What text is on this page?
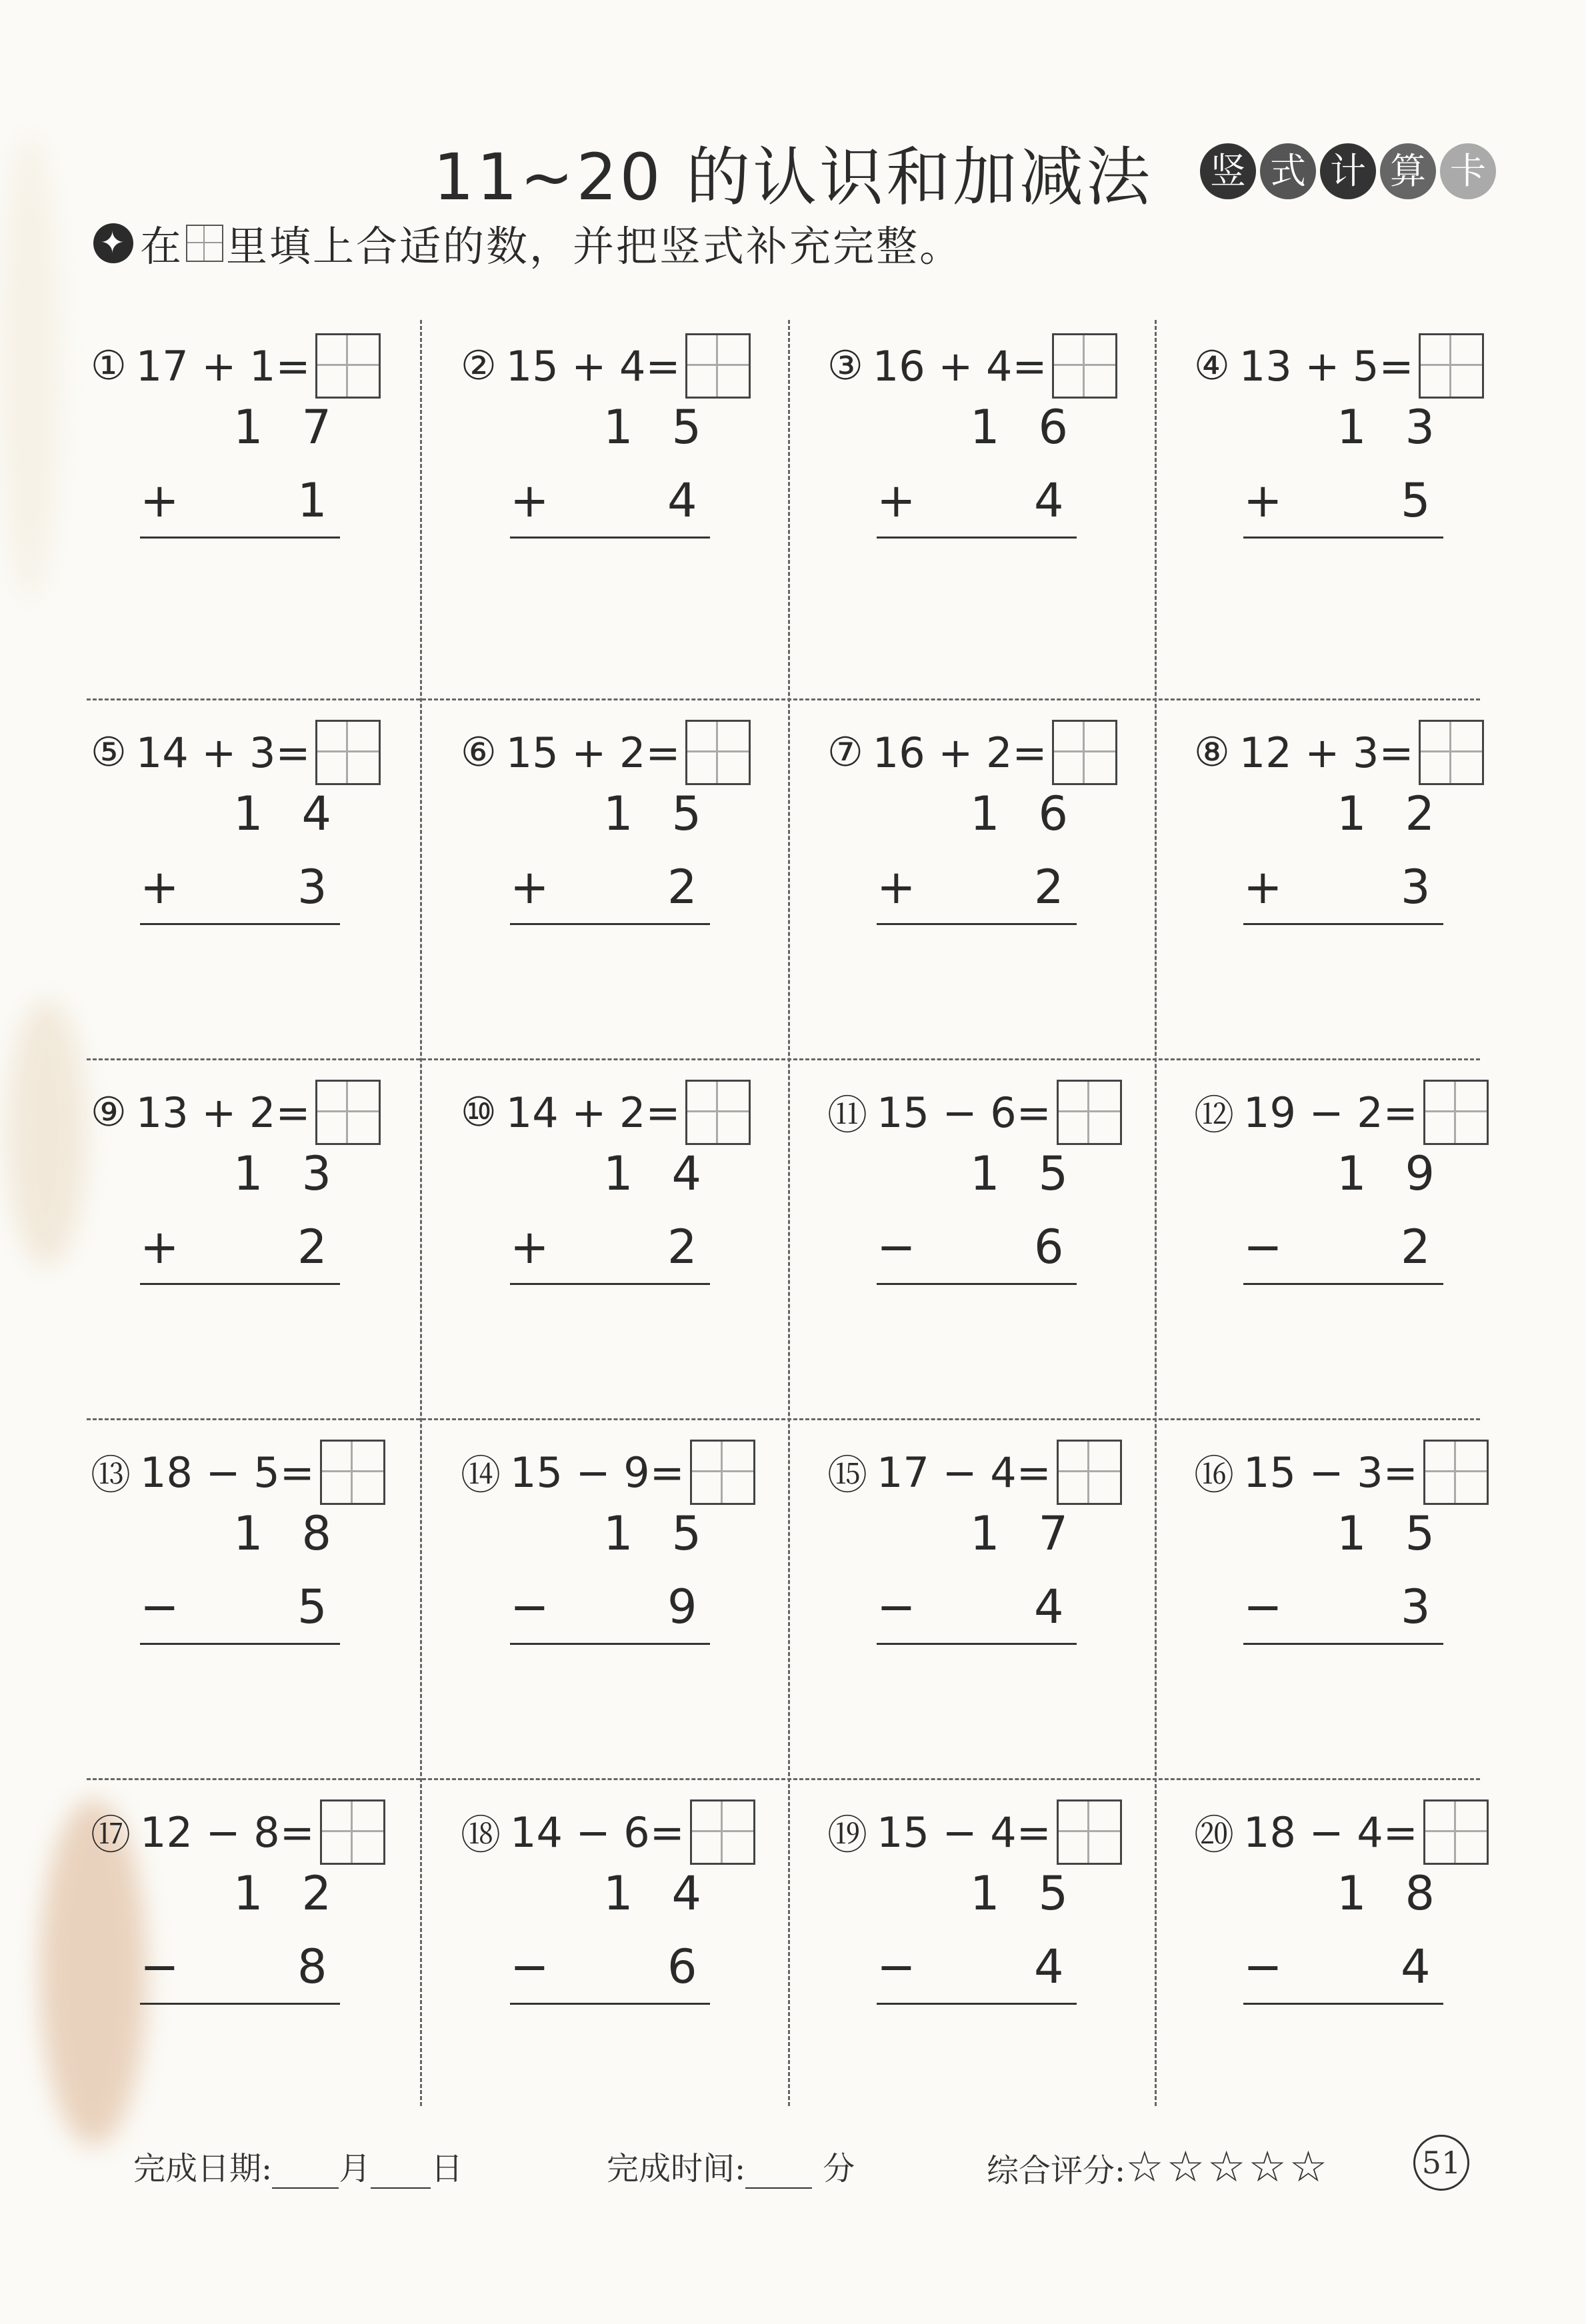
11~20 的认识和加减法	竖 式 计 算 卡
✦ 在 里填上合适的数，并把竖式补充完整。
① 17 + 1=
1 7
+	1
② 15 + 4=
1 5
+	4
③ 16 + 4=
1 6
+	4
④ 13 + 5=
1 3
+	5
⑤ 14 + 3=
1 4
+	3
⑥ 15 + 2=
1 5
+	2
⑦ 16 + 2=
1 6
+	2
⑧ 12 + 3=
1 2
+	3
⑨ 13 + 2=
1 3
+	2
⑩ 14 + 2=
1 4
+	2
⑪ 15 − 6=
1 5
−	6
⑫ 19 − 2=
1 9
−	2
⑬ 18 − 5=
1 8
−	5
⑭ 15 − 9=
1 5
−	9
⑮ 17 − 4=
1 7
−	4
⑯ 15 − 3=
1 5
−	3
⑰ 12 − 8=
1 2
−	8
⑱ 14 − 6=
1 4
−	6
⑲ 15 − 4=
1 5
−	4
⑳ 18 − 4=
1 8
−	4
完成日期: 月 日	完成时间: 分	综合评分:☆☆☆☆☆	51
